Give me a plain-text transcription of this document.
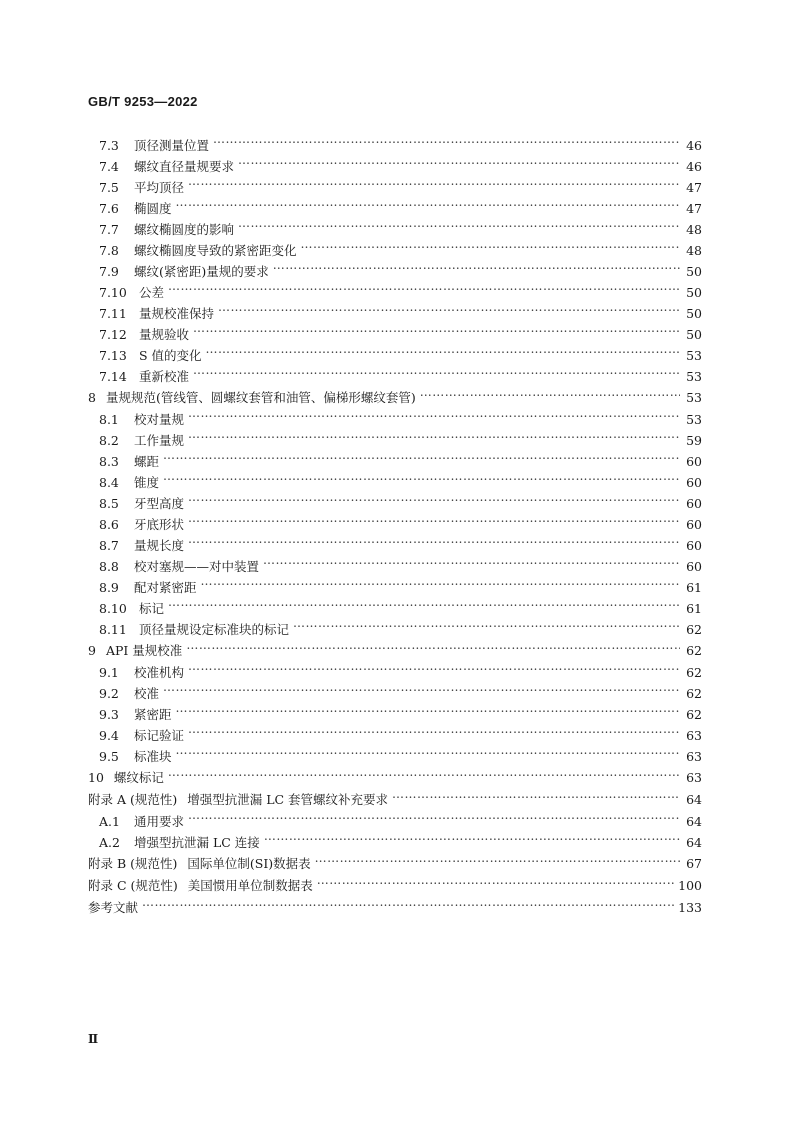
GB/T 9253—2022
7.3	顶径测量位置 …………………………………………………………………………………………………………………………………………………………………………………………	46
7.4	螺纹直径量规要求 …………………………………………………………………………………………………………………………………………………………………………………………	46
7.5	平均顶径 …………………………………………………………………………………………………………………………………………………………………………………………	47
7.6	椭圆度 …………………………………………………………………………………………………………………………………………………………………………………………	47
7.7	螺纹椭圆度的影响 …………………………………………………………………………………………………………………………………………………………………………………………	48
7.8	螺纹椭圆度导致的紧密距变化 …………………………………………………………………………………………………………………………………………………………………………………………	48
7.9	螺纹(紧密距)量规的要求 …………………………………………………………………………………………………………………………………………………………………………………………	50
7.10 公差 …………………………………………………………………………………………………………………………………………………………………………………………	50
7.11 量规校准保持 …………………………………………………………………………………………………………………………………………………………………………………………	50
7.12 量规验收 …………………………………………………………………………………………………………………………………………………………………………………………	50
7.13 S 值的变化 …………………………………………………………………………………………………………………………………………………………………………………………	53
7.14 重新校准 …………………………………………………………………………………………………………………………………………………………………………………………	53
8 量规规范(管线管、圆螺纹套管和油管、偏梯形螺纹套管) …………………………………………………………………………………………………………………………………………………………………………………………	53
8.1	校对量规 …………………………………………………………………………………………………………………………………………………………………………………………	53
8.2	工作量规 …………………………………………………………………………………………………………………………………………………………………………………………	59
8.3	螺距 …………………………………………………………………………………………………………………………………………………………………………………………	60
8.4	锥度 …………………………………………………………………………………………………………………………………………………………………………………………	60
8.5	牙型高度 …………………………………………………………………………………………………………………………………………………………………………………………	60
8.6	牙底形状 …………………………………………………………………………………………………………………………………………………………………………………………	60
8.7	量规长度 …………………………………………………………………………………………………………………………………………………………………………………………	60
8.8	校对塞规——对中装置 …………………………………………………………………………………………………………………………………………………………………………………………	60
8.9	配对紧密距 …………………………………………………………………………………………………………………………………………………………………………………………	61
8.10 标记 …………………………………………………………………………………………………………………………………………………………………………………………	61
8.11 顶径量规设定标准块的标记 …………………………………………………………………………………………………………………………………………………………………………………………	62
9 API 量规校准 …………………………………………………………………………………………………………………………………………………………………………………………	62
9.1	校准机构 …………………………………………………………………………………………………………………………………………………………………………………………	62
9.2	校准 …………………………………………………………………………………………………………………………………………………………………………………………	62
9.3	紧密距 …………………………………………………………………………………………………………………………………………………………………………………………	62
9.4	标记验证 …………………………………………………………………………………………………………………………………………………………………………………………	63
9.5	标准块 …………………………………………………………………………………………………………………………………………………………………………………………	63
10 螺纹标记 …………………………………………………………………………………………………………………………………………………………………………………………	63
附录 A (规范性) 增强型抗泄漏 LC 套管螺纹补充要求 …………………………………………………………………………………………………………………………………………………………………………………………	64
A.1	通用要求 …………………………………………………………………………………………………………………………………………………………………………………………	64
A.2	增强型抗泄漏 LC 连接 …………………………………………………………………………………………………………………………………………………………………………………………	64
附录 B (规范性) 国际单位制(SI)数据表 …………………………………………………………………………………………………………………………………………………………………………………………	67
附录 C (规范性) 美国惯用单位制数据表 …………………………………………………………………………………………………………………………………………………………………………………………	100
参考文献 …………………………………………………………………………………………………………………………………………………………………………………………	133
Ⅱ
